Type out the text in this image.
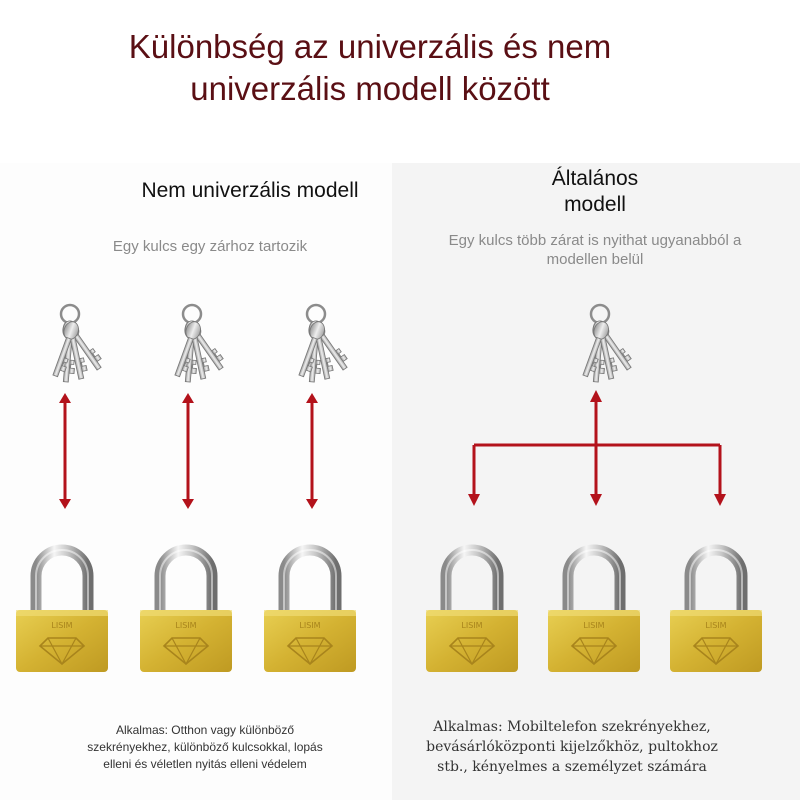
Különbség az univerzális és nem
univerzális modell között
Nem univerzális modell
Egy kulcs egy zárhoz tartozik
Alkalmas: Otthon vagy különböző
szekrényekhez, különböző kulcsokkal, lopás
elleni és véletlen nyitás elleni védelem
Általános
modell
Egy kulcs több zárat is nyithat ugyanabból a
modellen belül
Alkalmas: Mobiltelefon szekrényekhez,
bevásárlóközponti kijelzőkhöz, pultokhoz
stb., kényelmes a személyzet számára
